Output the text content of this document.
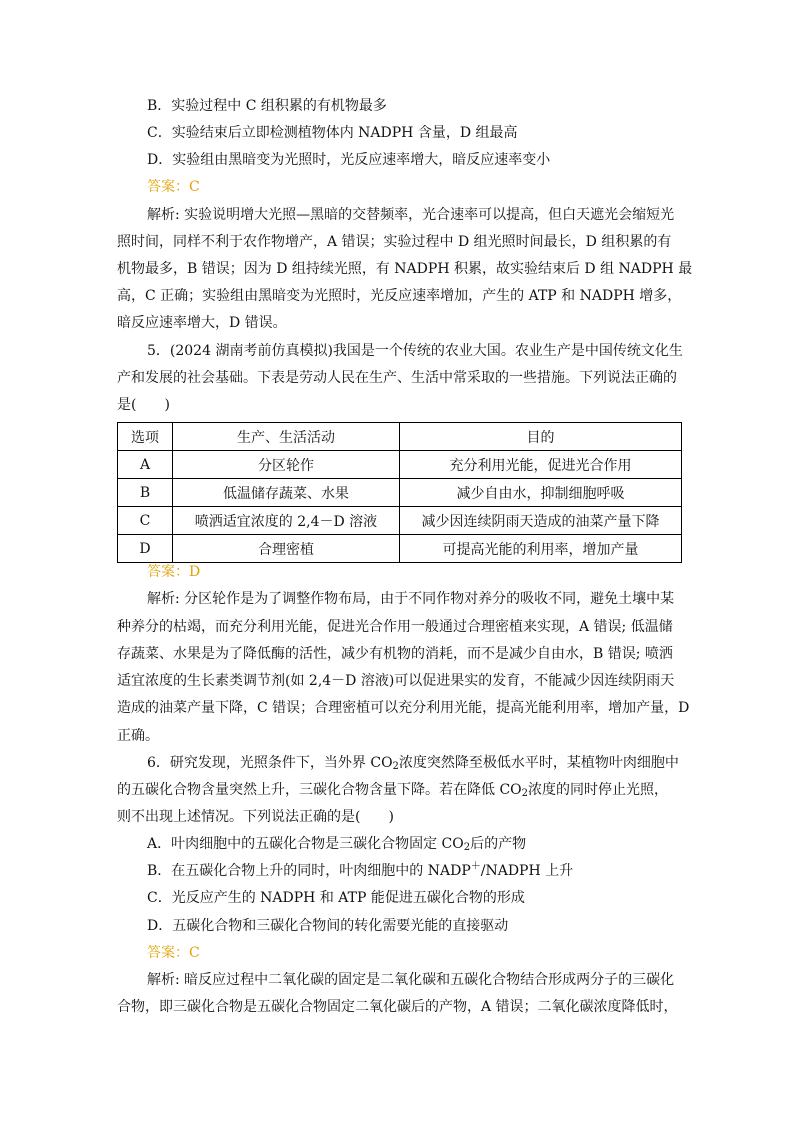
B．实验过程中 C 组积累的有机物最多
C．实验结束后立即检测植物体内 NADPH 含量，D 组最高
D．实验组由黑暗变为光照时，光反应速率增大，暗反应速率变小
答案：C
解析: 实验说明增大光照—黑暗的交替频率，光合速率可以提高，但白天遮光会缩短光
照时间，同样不利于农作物增产，A 错误；实验过程中 D 组光照时间最长，D 组积累的有
机物最多，B 错误；因为 D 组持续光照，有 NADPH 积累，故实验结束后 D 组 NADPH 最
高，C 正确；实验组由黑暗变为光照时，光反应速率增加，产生的 ATP 和 NADPH 增多，
暗反应速率增大，D 错误。
5．(2024 湖南考前仿真模拟)我国是一个传统的农业大国。农业生产是中国传统文化生
产和发展的社会基础。下表是劳动人民在生产、生活中常采取的一些措施。下列说法正确的
是(　　)
选项	生产、生活活动	目的
A	分区轮作	充分利用光能，促进光合作用
B	低温储存蔬菜、水果	减少自由水，抑制细胞呼吸
C	喷洒适宜浓度的 2,4－D 溶液	减少因连续阴雨天造成的油菜产量下降
D	合理密植	可提高光能的利用率，增加产量
答案：D
解析: 分区轮作是为了调整作物布局，由于不同作物对养分的吸收不同，避免土壤中某
种养分的枯竭，而充分利用光能，促进光合作用一般通过合理密植来实现，A 错误; 低温储
存蔬菜、水果是为了降低酶的活性，减少有机物的消耗，而不是减少自由水，B 错误; 喷洒
适宜浓度的生长素类调节剂(如 2,4－D 溶液)可以促进果实的发育，不能减少因连续阴雨天
造成的油菜产量下降，C 错误；合理密植可以充分利用光能，提高光能利用率，增加产量，D
正确。
6．研究发现，光照条件下，当外界 $CO_2$浓度突然降至极低水平时，某植物叶肉细胞中
的五碳化合物含量突然上升，三碳化合物含量下降。若在降低 $CO_2$浓度的同时停止光照，
则不出现上述情况。下列说法正确的是(　　)
A．叶肉细胞中的五碳化合物是三碳化合物固定 $CO_2$后的产物
B．在五碳化合物上升的同时，叶肉细胞中的 NADP＋/NADPH 上升
C．光反应产生的 NADPH 和 ATP 能促进五碳化合物的形成
D．五碳化合物和三碳化合物间的转化需要光能的直接驱动
答案：C
解析: 暗反应过程中二氧化碳的固定是二氧化碳和五碳化合物结合形成两分子的三碳化
合物，即三碳化合物是五碳化合物固定二氧化碳后的产物，A 错误；二氧化碳浓度降低时，
